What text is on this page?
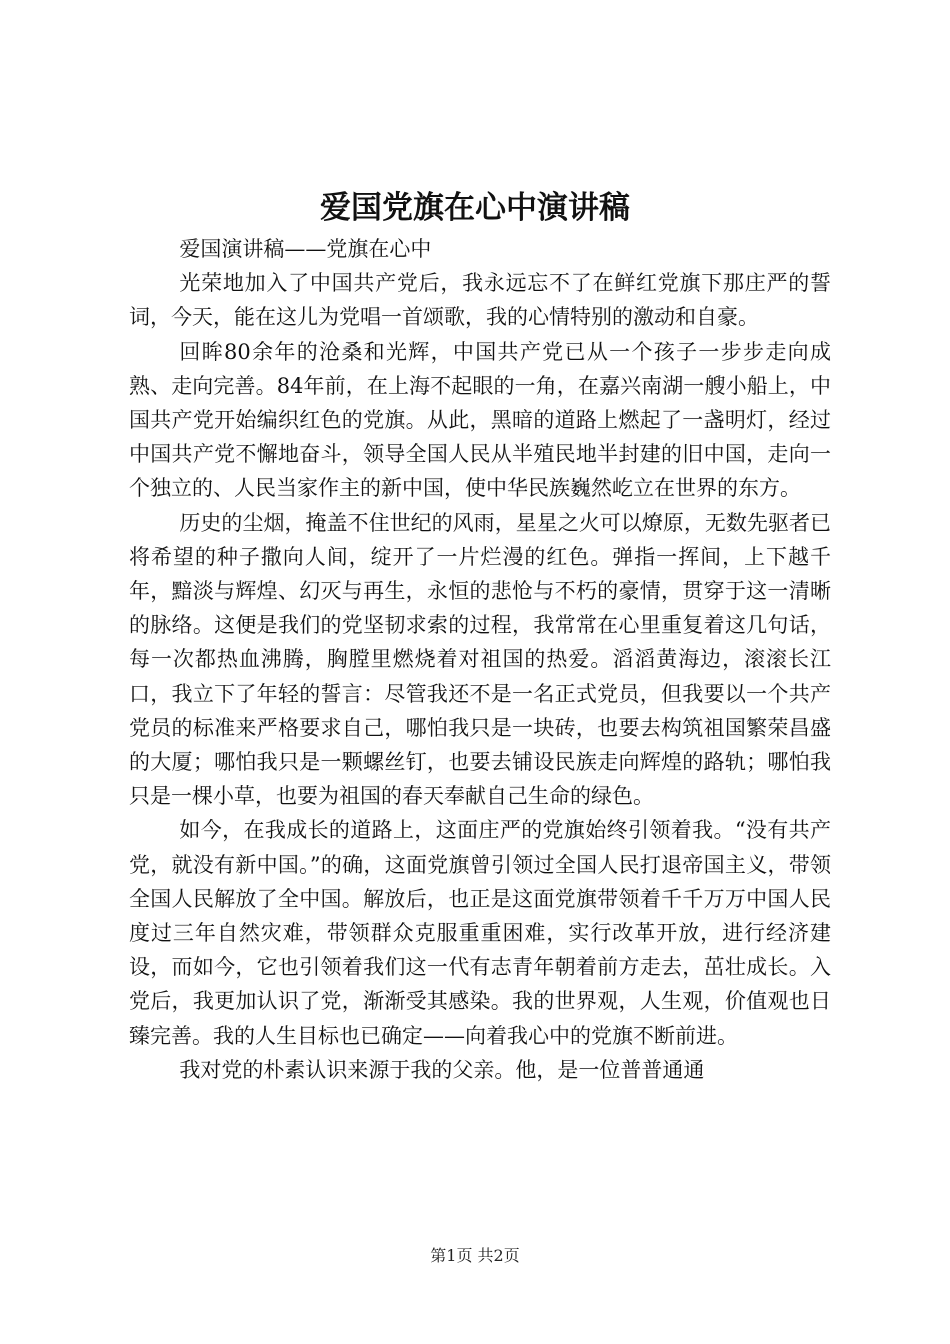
爱国党旗在心中演讲稿

爱国演讲稿——党旗在心中

光荣地加入了中国共产党后，我永远忘不了在鲜红党旗下那庄严的誓词，今天，能在这儿为党唱一首颂歌，我的心情特别的激动和自豪。

回眸80余年的沧桑和光辉，中国共产党已从一个孩子一步步走向成熟、走向完善。84年前，在上海不起眼的一角，在嘉兴南湖一艘小船上，中国共产党开始编织红色的党旗。从此，黑暗的道路上燃起了一盏明灯，经过中国共产党不懈地奋斗，领导全国人民从半殖民地半封建的旧中国，走向一个独立的、人民当家作主的新中国，使中华民族巍然屹立在世界的东方。

历史的尘烟，掩盖不住世纪的风雨，星星之火可以燎原，无数先驱者已将希望的种子撒向人间，绽开了一片烂漫的红色。弹指一挥间，上下越千年，黯淡与辉煌、幻灭与再生，永恒的悲怆与不朽的豪情，贯穿于这一清晰的脉络。这便是我们的党坚韧求索的过程，我常常在心里重复着这几句话，每一次都热血沸腾，胸膛里燃烧着对祖国的热爱。滔滔黄海边，滚滚长江口，我立下了年轻的誓言：尽管我还不是一名正式党员，但我要以一个共产党员的标准来严格要求自己，哪怕我只是一块砖，也要去构筑祖国繁荣昌盛的大厦；哪怕我只是一颗螺丝钉，也要去铺设民族走向辉煌的路轨；哪怕我只是一棵小草，也要为祖国的春天奉献自己生命的绿色。

如今，在我成长的道路上，这面庄严的党旗始终引领着我。“没有共产党，就没有新中国。”的确，这面党旗曾引领过全国人民打退帝国主义，带领全国人民解放了全中国。解放后，也正是这面党旗带领着千千万万中国人民度过三年自然灾难，带领群众克服重重困难，实行改革开放，进行经济建设，而如今，它也引领着我们这一代有志青年朝着前方走去，茁壮成长。入党后，我更加认识了党，渐渐受其感染。我的世界观，人生观，价值观也日臻完善。我的人生目标也已确定——向着我心中的党旗不断前进。

我对党的朴素认识来源于我的父亲。他，是一位普普通通

第1页 共2页
